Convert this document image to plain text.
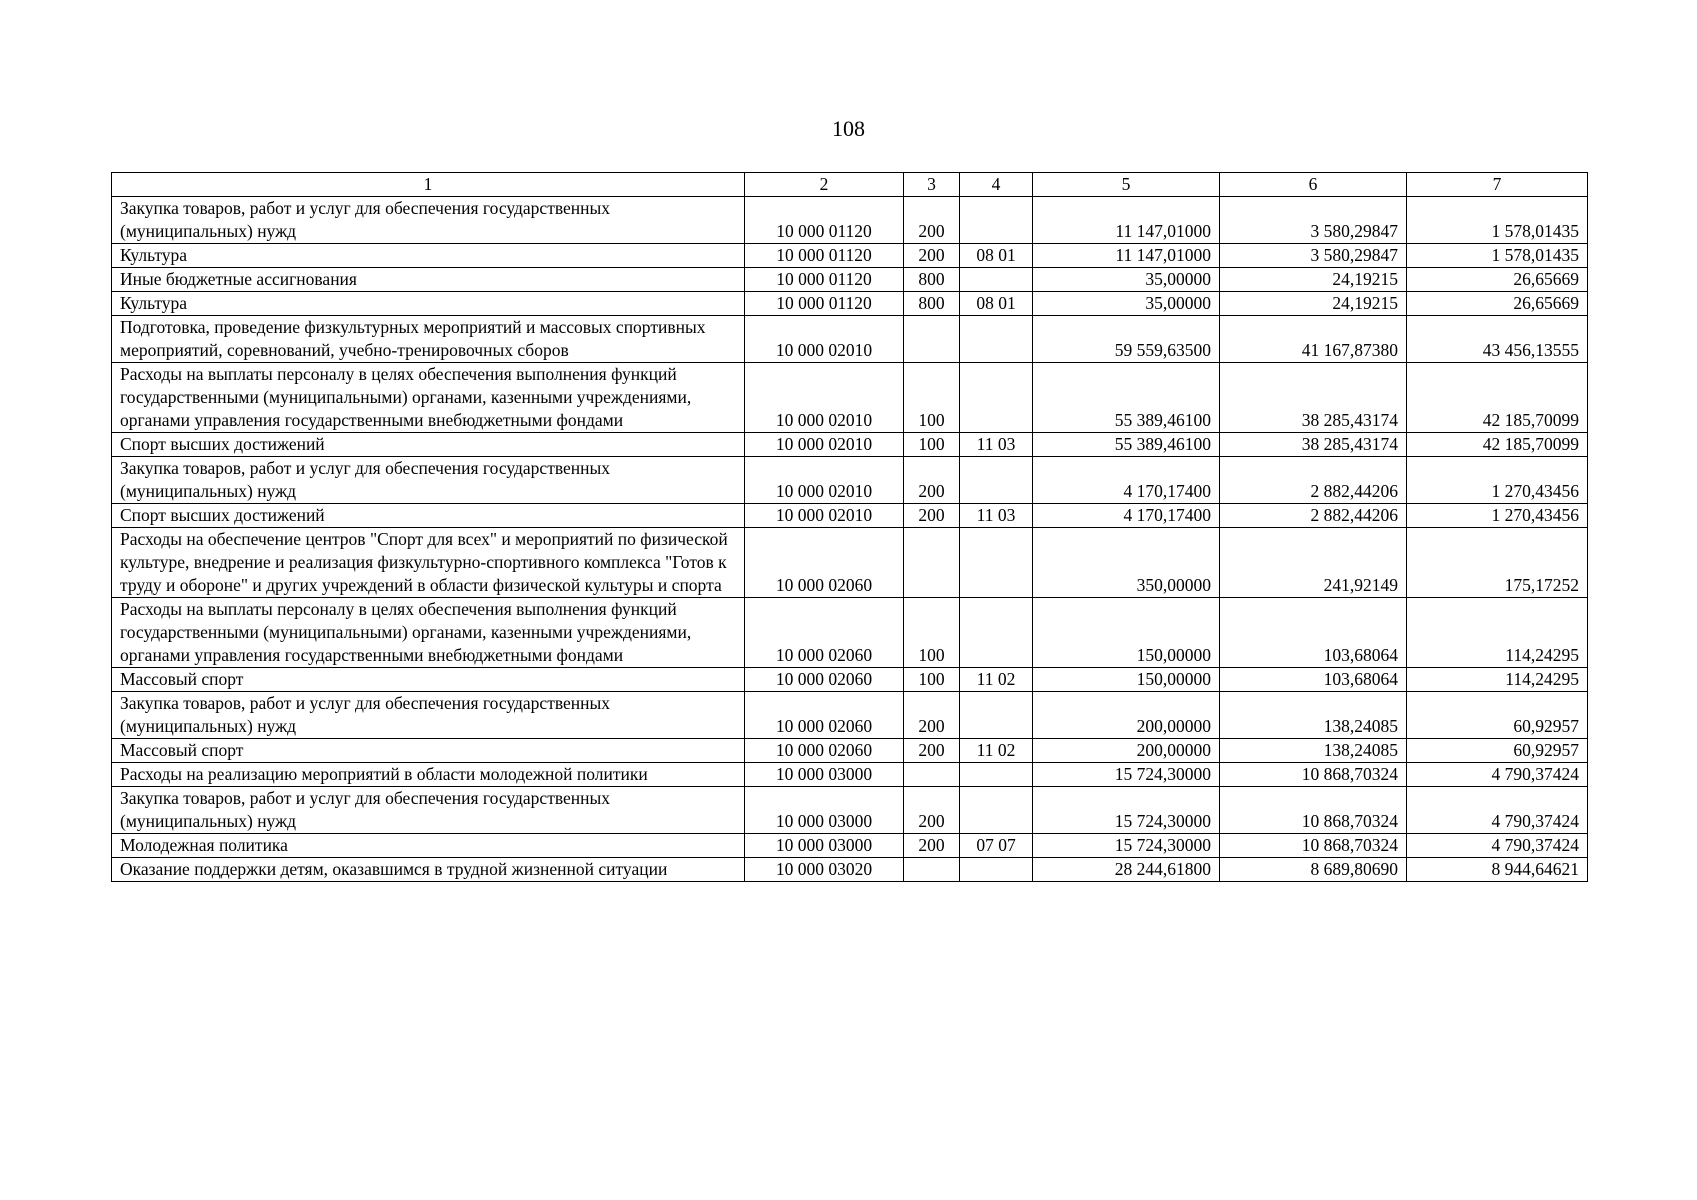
108
1	2	3	4	5	6	7
Закупка товаров, работ и услуг для обеспечения государственных (муниципальных) нужд	10 000 01120	200		11 147,01000	3 580,29847	1 578,01435
Культура	10 000 01120	200	08 01	11 147,01000	3 580,29847	1 578,01435
Иные бюджетные ассигнования	10 000 01120	800		35,00000	24,19215	26,65669
Культура	10 000 01120	800	08 01	35,00000	24,19215	26,65669
Подготовка, проведение физкультурных мероприятий и массовых спортивных мероприятий, соревнований, учебно-тренировочных сборов	10 000 02010			59 559,63500	41 167,87380	43 456,13555
Расходы на выплаты персоналу в целях обеспечения выполнения функций государственными (муниципальными) органами, казенными учреждениями, органами управления государственными внебюджетными фондами	10 000 02010	100		55 389,46100	38 285,43174	42 185,70099
Спорт высших достижений	10 000 02010	100	11 03	55 389,46100	38 285,43174	42 185,70099
Закупка товаров, работ и услуг для обеспечения государственных (муниципальных) нужд	10 000 02010	200		4 170,17400	2 882,44206	1 270,43456
Спорт высших достижений	10 000 02010	200	11 03	4 170,17400	2 882,44206	1 270,43456
Расходы на обеспечение центров "Спорт для всех" и мероприятий по физической культуре, внедрение и реализация физкультурно-спортивного комплекса "Готов к труду и обороне" и других учреждений в области физической культуры и спорта	10 000 02060			350,00000	241,92149	175,17252
Расходы на выплаты персоналу в целях обеспечения выполнения функций государственными (муниципальными) органами, казенными учреждениями, органами управления государственными внебюджетными фондами	10 000 02060	100		150,00000	103,68064	114,24295
Массовый спорт	10 000 02060	100	11 02	150,00000	103,68064	114,24295
Закупка товаров, работ и услуг для обеспечения государственных (муниципальных) нужд	10 000 02060	200		200,00000	138,24085	60,92957
Массовый спорт	10 000 02060	200	11 02	200,00000	138,24085	60,92957
Расходы на реализацию мероприятий в области молодежной политики	10 000 03000			15 724,30000	10 868,70324	4 790,37424
Закупка товаров, работ и услуг для обеспечения государственных (муниципальных) нужд	10 000 03000	200		15 724,30000	10 868,70324	4 790,37424
Молодежная политика	10 000 03000	200	07 07	15 724,30000	10 868,70324	4 790,37424
Оказание поддержки детям, оказавшимся в трудной жизненной ситуации	10 000 03020			28 244,61800	8 689,80690	8 944,64621
